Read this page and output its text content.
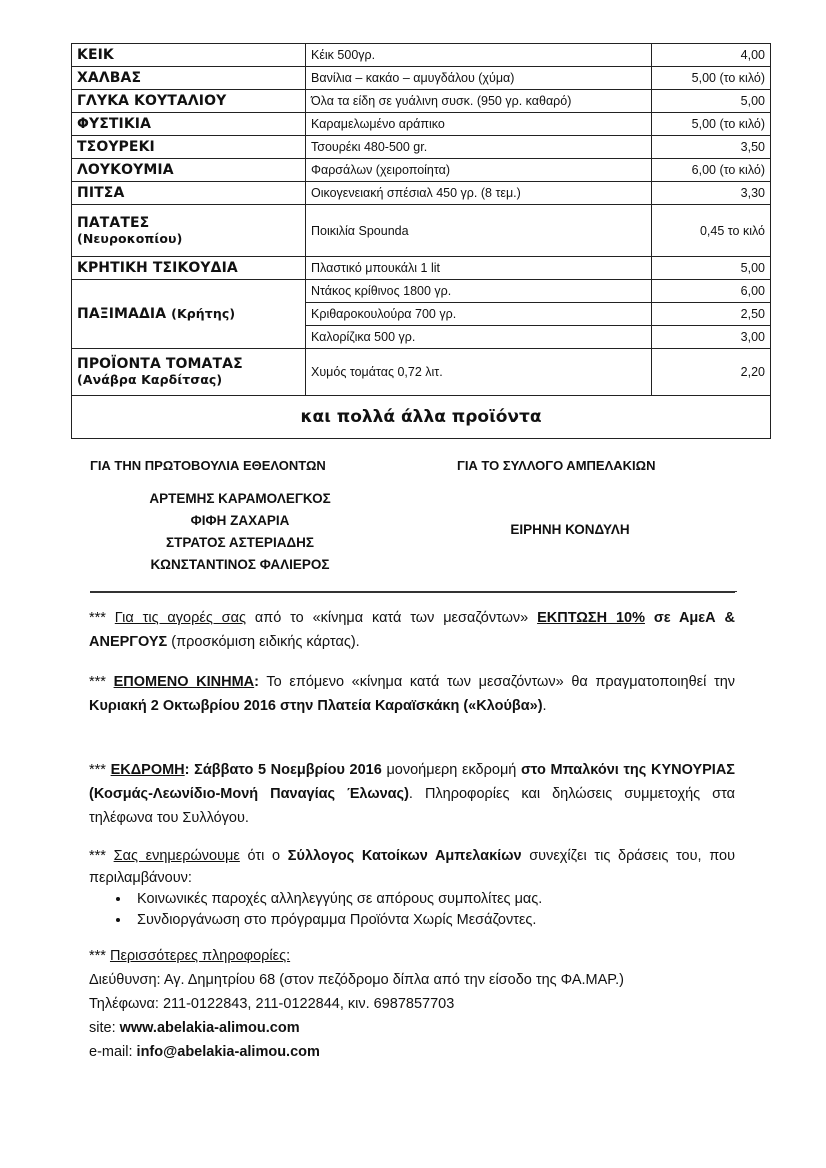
ΚΕΙΚ	Κέικ 500γρ.	4,00
ΧΑΛΒΑΣ	Βανίλια – κακάο – αμυγδάλου (χύμα)	5,00 (το κιλό)
ΓΛΥΚΑ ΚΟΥΤΑΛΙΟΥ	Όλα τα είδη σε γυάλινη συσκ. (950 γρ. καθαρό)	5,00
ΦΥΣΤΙΚΙΑ	Καραμελωμένο αράπικο	5,00 (το κιλό)
ΤΣΟΥΡΕΚΙ	Τσουρέκι 480-500 gr.	3,50
ΛΟΥΚΟΥΜΙΑ	Φαρσάλων (χειροποίητα)	6,00 (το κιλό)
ΠΙΤΣΑ	Οικογενειακή σπέσιαλ 450 γρ. (8 τεμ.)	3,30

ΠΑΤΑΤΕΣ
(Νευροκοπίου)	Ποικιλία Spounda	0,45 το κιλό
ΚΡΗΤΙΚΗ ΤΣΙΚΟΥΔΙΑ	Πλαστικό μπουκάλι 1 lit	5,00
ΠΑΞΙΜΑΔΙΑ (Κρήτης)	Ντάκος κρίθινος 1800 γρ.	6,00
	Κριθαροκουλούρα 700 γρ.	2,50
	Καλορίζικα 500 γρ.	3,00

ΠΡΟΪΟΝΤΑ ΤΟΜΑΤΑΣ
(Ανάβρα Καρδίτσας)	Χυμός τομάτας 0,72 λιτ.	2,20
και πολλά άλλα προϊόντα		
ΓΙΑ ΤΗΝ ΠΡΩΤΟΒΟΥΛΙΑ ΕΘΕΛΟΝΤΩΝ	ΓΙΑ ΤΟ ΣΥΛΛΟΓΟ ΑΜΠΕΛΑΚΙΩΝ
ΑΡΤΕΜΗΣ ΚΑΡΑΜΟΛΕΓΚΟΣ
ΦΙΦΗ ΖΑΧΑΡΙΑ
ΣΤΡΑΤΟΣ ΑΣΤΕΡΙΑΔΗΣ
ΚΩΝΣΤΑΝΤΙΝΟΣ ΦΑΛΙΕΡΟΣ
ΕΙΡΗΝΗ ΚΟΝΔΥΛΗ
*** Για τις αγορές σας από το «κίνημα κατά των μεσαζόντων» ΕΚΠΤΩΣΗ 10% σε ΑμεΑ & ΑΝΕΡΓΟΥΣ (προσκόμιση ειδικής κάρτας).
*** ΕΠΟΜΕΝΟ ΚΙΝΗΜΑ: Το επόμενο «κίνημα κατά των μεσαζόντων» θα πραγματοποιηθεί την Κυριακή 2 Οκτωβρίου 2016 στην Πλατεία Καραϊσκάκη («Κλούβα»).
*** ΕΚΔΡΟΜΗ: Σάββατο 5 Νοεμβρίου 2016 μονοήμερη εκδρομή στο Μπαλκόνι της ΚΥΝΟΥΡΙΑΣ (Κοσμάς-Λεωνίδιο-Μονή Παναγίας Έλωνας). Πληροφορίες και δηλώσεις συμμετοχής στα τηλέφωνα του Συλλόγου.
*** Σας ενημερώνουμε ότι ο Σύλλογος Κατοίκων Αμπελακίων συνεχίζει τις δράσεις του, που περιλαμβάνουν:
• Κοινωνικές παροχές αλληλεγγύης σε απόρους συμπολίτες μας.
• Συνδιοργάνωση στο πρόγραμμα Προϊόντα Χωρίς Μεσάζοντες.
*** Περισσότερες πληροφορίες:
Διεύθυνση: Αγ. Δημητρίου 68 (στον πεζόδρομο δίπλα από την είσοδο της ΦΑ.ΜΑΡ.)
Τηλέφωνα: 211-0122843, 211-0122844, κιν. 6987857703
site: www.abelakia-alimou.com
e-mail: info@abelakia-alimou.com
